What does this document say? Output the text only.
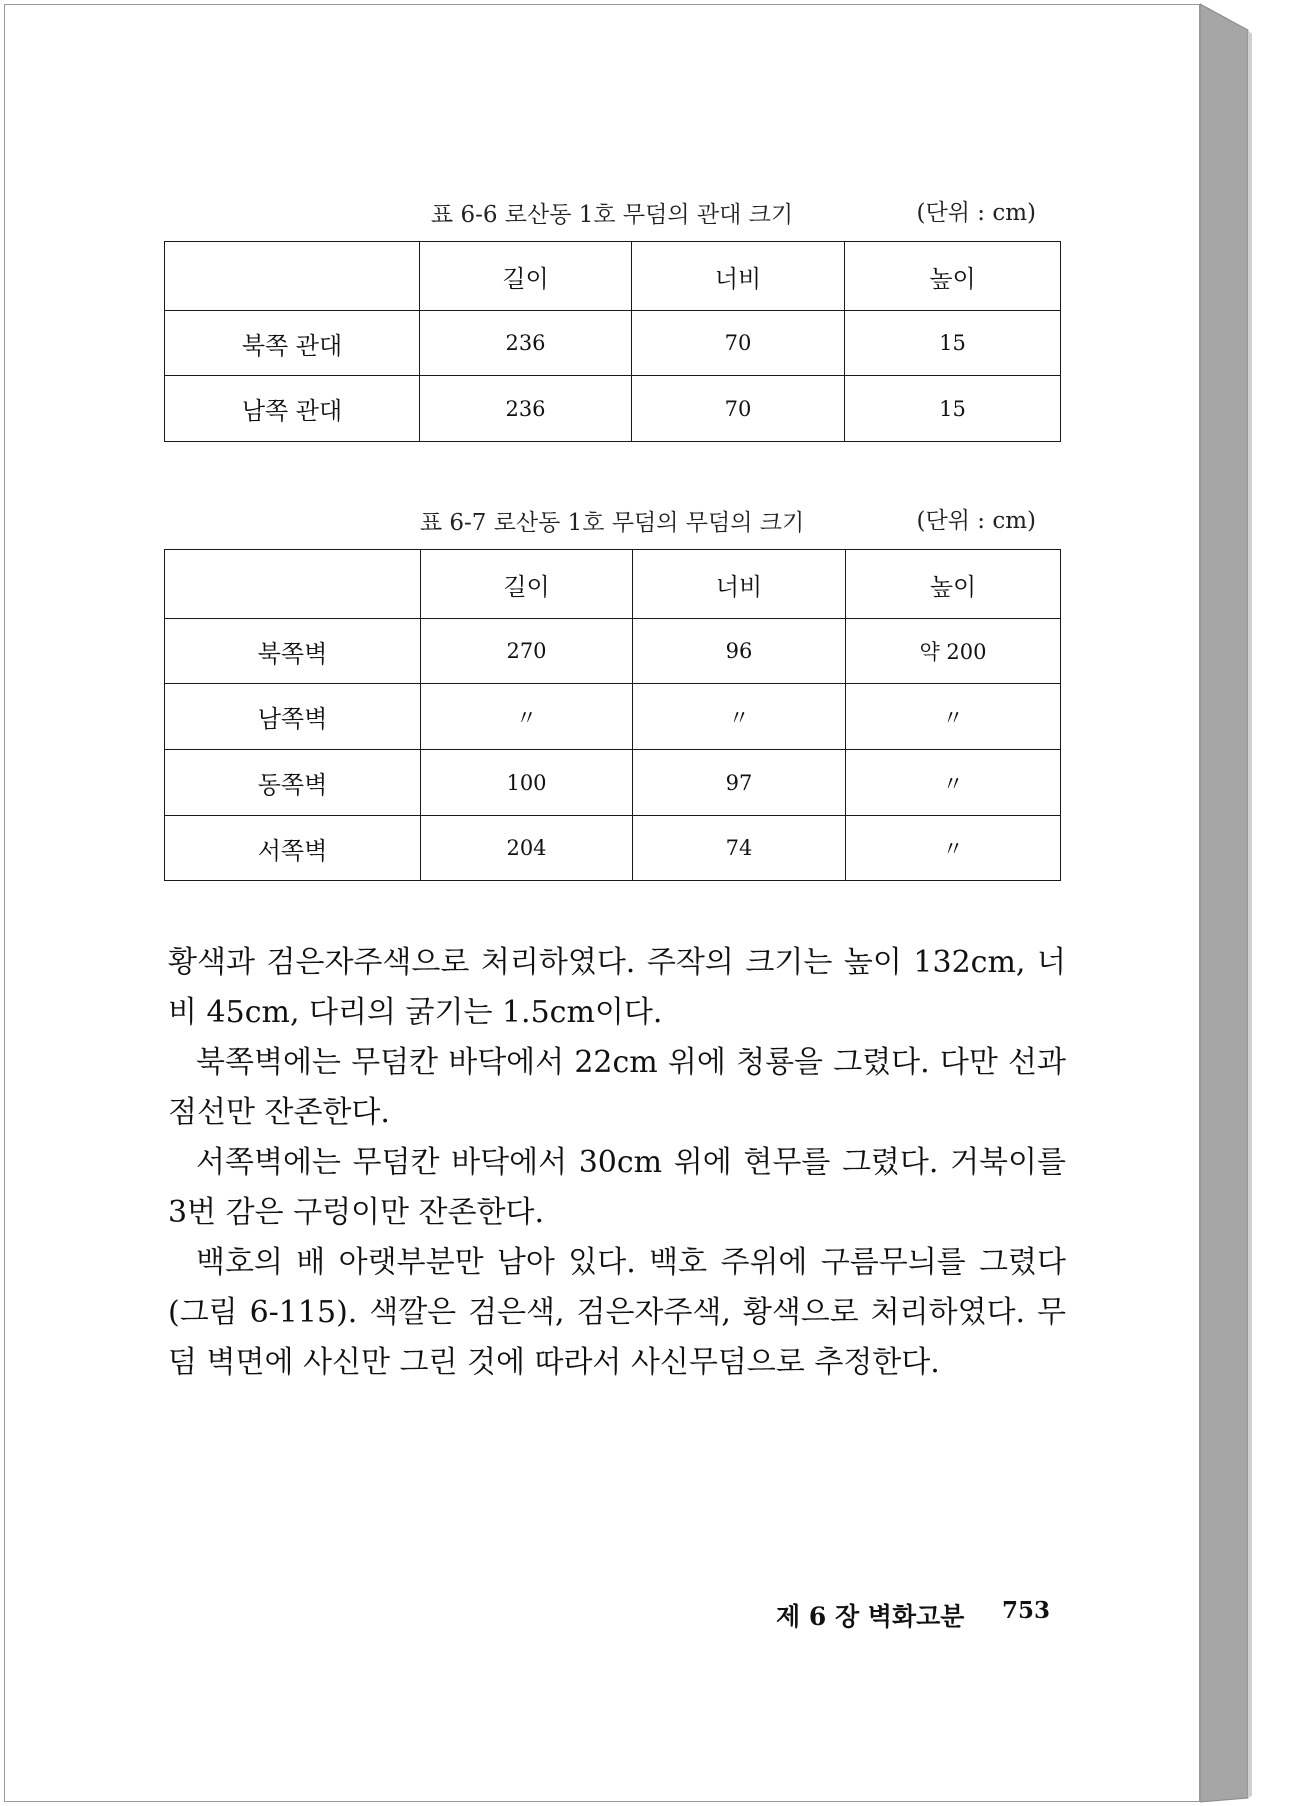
표 6-6 로산동 1호 무덤의 관대 크기	(단위 : cm)
	길이	너비	높이
북쪽 관대	236	70	15
남쪽 관대	236	70	15
표 6-7 로산동 1호 무덤의 무덤의 크기	(단위 : cm)
	길이	너비	높이
북쪽벽	270	96	약 200
남쪽벽	〃	〃	〃
동쪽벽	100	97	〃
서쪽벽	204	74	〃

황색과 검은자주색으로 처리하였다. 주작의 크기는 높이 132cm, 너비 45cm, 다리의 굵기는 1.5cm이다.

북쪽벽에는 무덤칸 바닥에서 22cm 위에 청룡을 그렸다. 다만 선과 점선만 잔존한다.

서쪽벽에는 무덤칸 바닥에서 30cm 위에 현무를 그렸다. 거북이를 3번 감은 구렁이만 잔존한다.

백호의 배 아랫부분만 남아 있다. 백호 주위에 구름무늬를 그렸다(그림 6-115). 색깔은 검은색, 검은자주색, 황색으로 처리하였다. 무덤 벽면에 사신만 그린 것에 따라서 사신무덤으로 추정한다.

제 6 장 벽화고분 753
